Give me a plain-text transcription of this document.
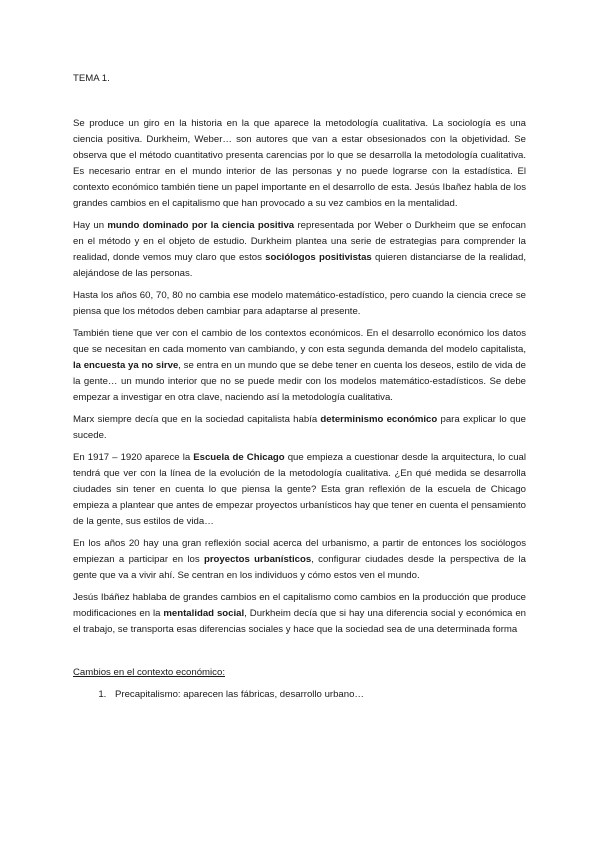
TEMA 1.

Se produce un giro en la historia en la que aparece la metodología cualitativa. La sociología es una ciencia positiva. Durkheim, Weber… son autores que van a estar obsesionados con la objetividad. Se observa que el método cuantitativo presenta carencias por lo que se desarrolla la metodología cualitativa. Es necesario entrar en el mundo interior de las personas y no puede lograrse con la estadística. El contexto económico también tiene un papel importante en el desarrollo de esta. Jesús Ibañez habla de los grandes cambios en el capitalismo que han provocado a su vez cambios en la mentalidad.

Hay un mundo dominado por la ciencia positiva representada por Weber o Durkheim que se enfocan en el método y en el objeto de estudio. Durkheim plantea una serie de estrategias para comprender la realidad, donde vemos muy claro que estos sociólogos positivistas quieren distanciarse de la realidad, alejándose de las personas.

Hasta los años 60, 70, 80 no cambia ese modelo matemático-estadístico, pero cuando la ciencia crece se piensa que los métodos deben cambiar para adaptarse al presente.

También tiene que ver con el cambio de los contextos económicos. En el desarrollo económico los datos que se necesitan en cada momento van cambiando, y con esta segunda demanda del modelo capitalista, la encuesta ya no sirve, se entra en un mundo que se debe tener en cuenta los deseos, estilo de vida de la gente… un mundo interior que no se puede medir con los modelos matemático-estadísticos. Se debe empezar a investigar en otra clave, naciendo así la metodología cualitativa.

Marx siempre decía que en la sociedad capitalista había determinismo económico para explicar lo que sucede.

En 1917 – 1920 aparece la Escuela de Chicago que empieza a cuestionar desde la arquitectura, lo cual tendrá que ver con la línea de la evolución de la metodología cualitativa. ¿En qué medida se desarrolla ciudades sin tener en cuenta lo que piensa la gente? Esta gran reflexión de la escuela de Chicago empieza a plantear que antes de empezar proyectos urbanísticos hay que tener en cuenta el pensamiento de la gente, sus estilos de vida…

En los años 20 hay una gran reflexión social acerca del urbanismo, a partir de entonces los sociólogos empiezan a participar en los proyectos urbanísticos, configurar ciudades desde la perspectiva de la gente que va a vivir ahí. Se centran en los individuos y cómo estos ven el mundo.

Jesús Ibáñez hablaba de grandes cambios en el capitalismo como cambios en la producción que produce modificaciones en la mentalidad social, Durkheim decía que si hay una diferencia social y económica en el trabajo, se transporta esas diferencias sociales y hace que la sociedad sea de una determinada forma

Cambios en el contexto económico:
1. Precapitalismo: aparecen las fábricas, desarrollo urbano…
